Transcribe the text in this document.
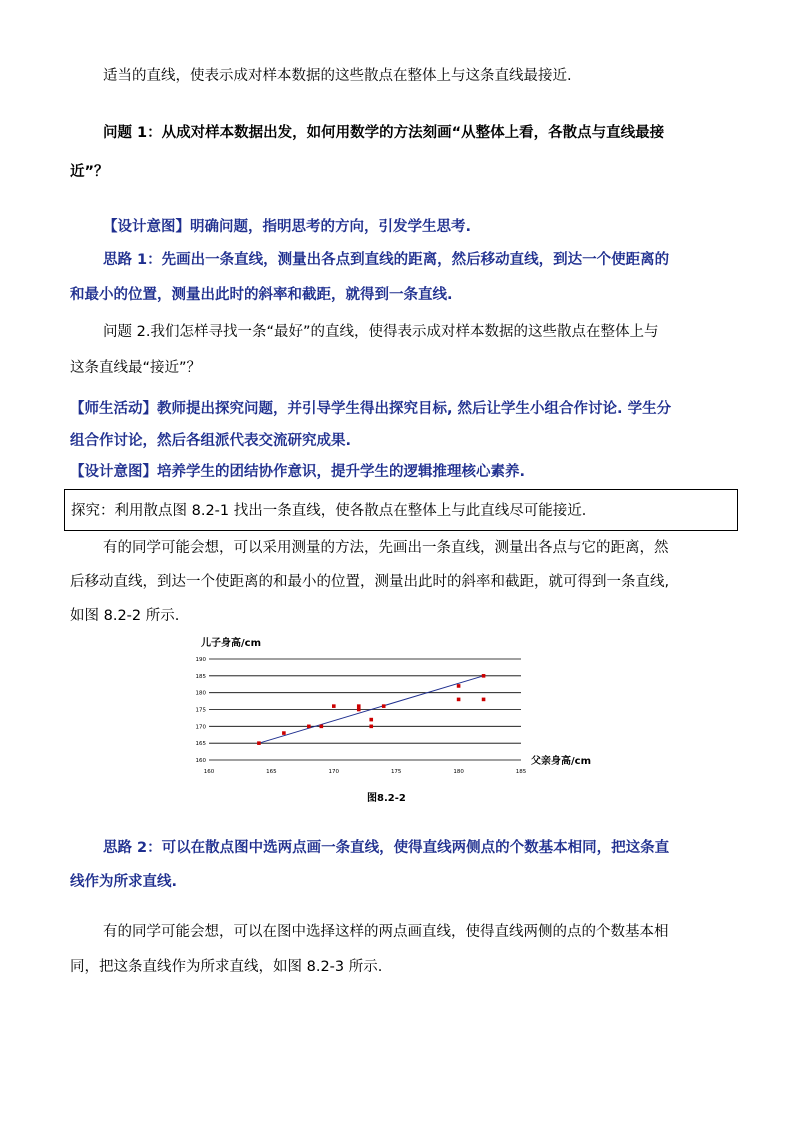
适当的直线，使表示成对样本数据的这些散点在整体上与这条直线最接近.
问题 1：从成对样本数据出发，如何用数学的方法刻画“从整体上看，各散点与直线最接
近”？
【设计意图】明确问题，指明思考的方向，引发学生思考.
思路 1：先画出一条直线，测量出各点到直线的距离，然后移动直线，到达一个使距离的
和最小的位置，测量出此时的斜率和截距，就得到一条直线.
问题 2.我们怎样寻找一条“最好”的直线，使得表示成对样本数据的这些散点在整体上与
这条直线最“接近”？
【师生活动】教师提出探究问题，并引导学生得出探究目标, 然后让学生小组合作讨论. 学生分
组合作讨论，然后各组派代表交流研究成果.
【设计意图】培养学生的团结协作意识，提升学生的逻辑推理核心素养.
探究：利用散点图 8.2-1 找出一条直线，使各散点在整体上与此直线尽可能接近．
有的同学可能会想，可以采用测量的方法，先画出一条直线，测量出各点与它的距离，然
后移动直线，到达一个使距离的和最小的位置，测量出此时的斜率和截距，就可得到一条直线,
如图 8.2-2 所示.
儿子身高/cm
父亲身高/cm
图8.2-2
160
165
170
175
180
185
190
160	165	170	175	180	185
思路 2：可以在散点图中选两点画一条直线，使得直线两侧点的个数基本相同，把这条直
线作为所求直线.
有的同学可能会想，可以在图中选择这样的两点画直线，使得直线两侧的点的个数基本相
同，把这条直线作为所求直线，如图 8.2-3 所示.
